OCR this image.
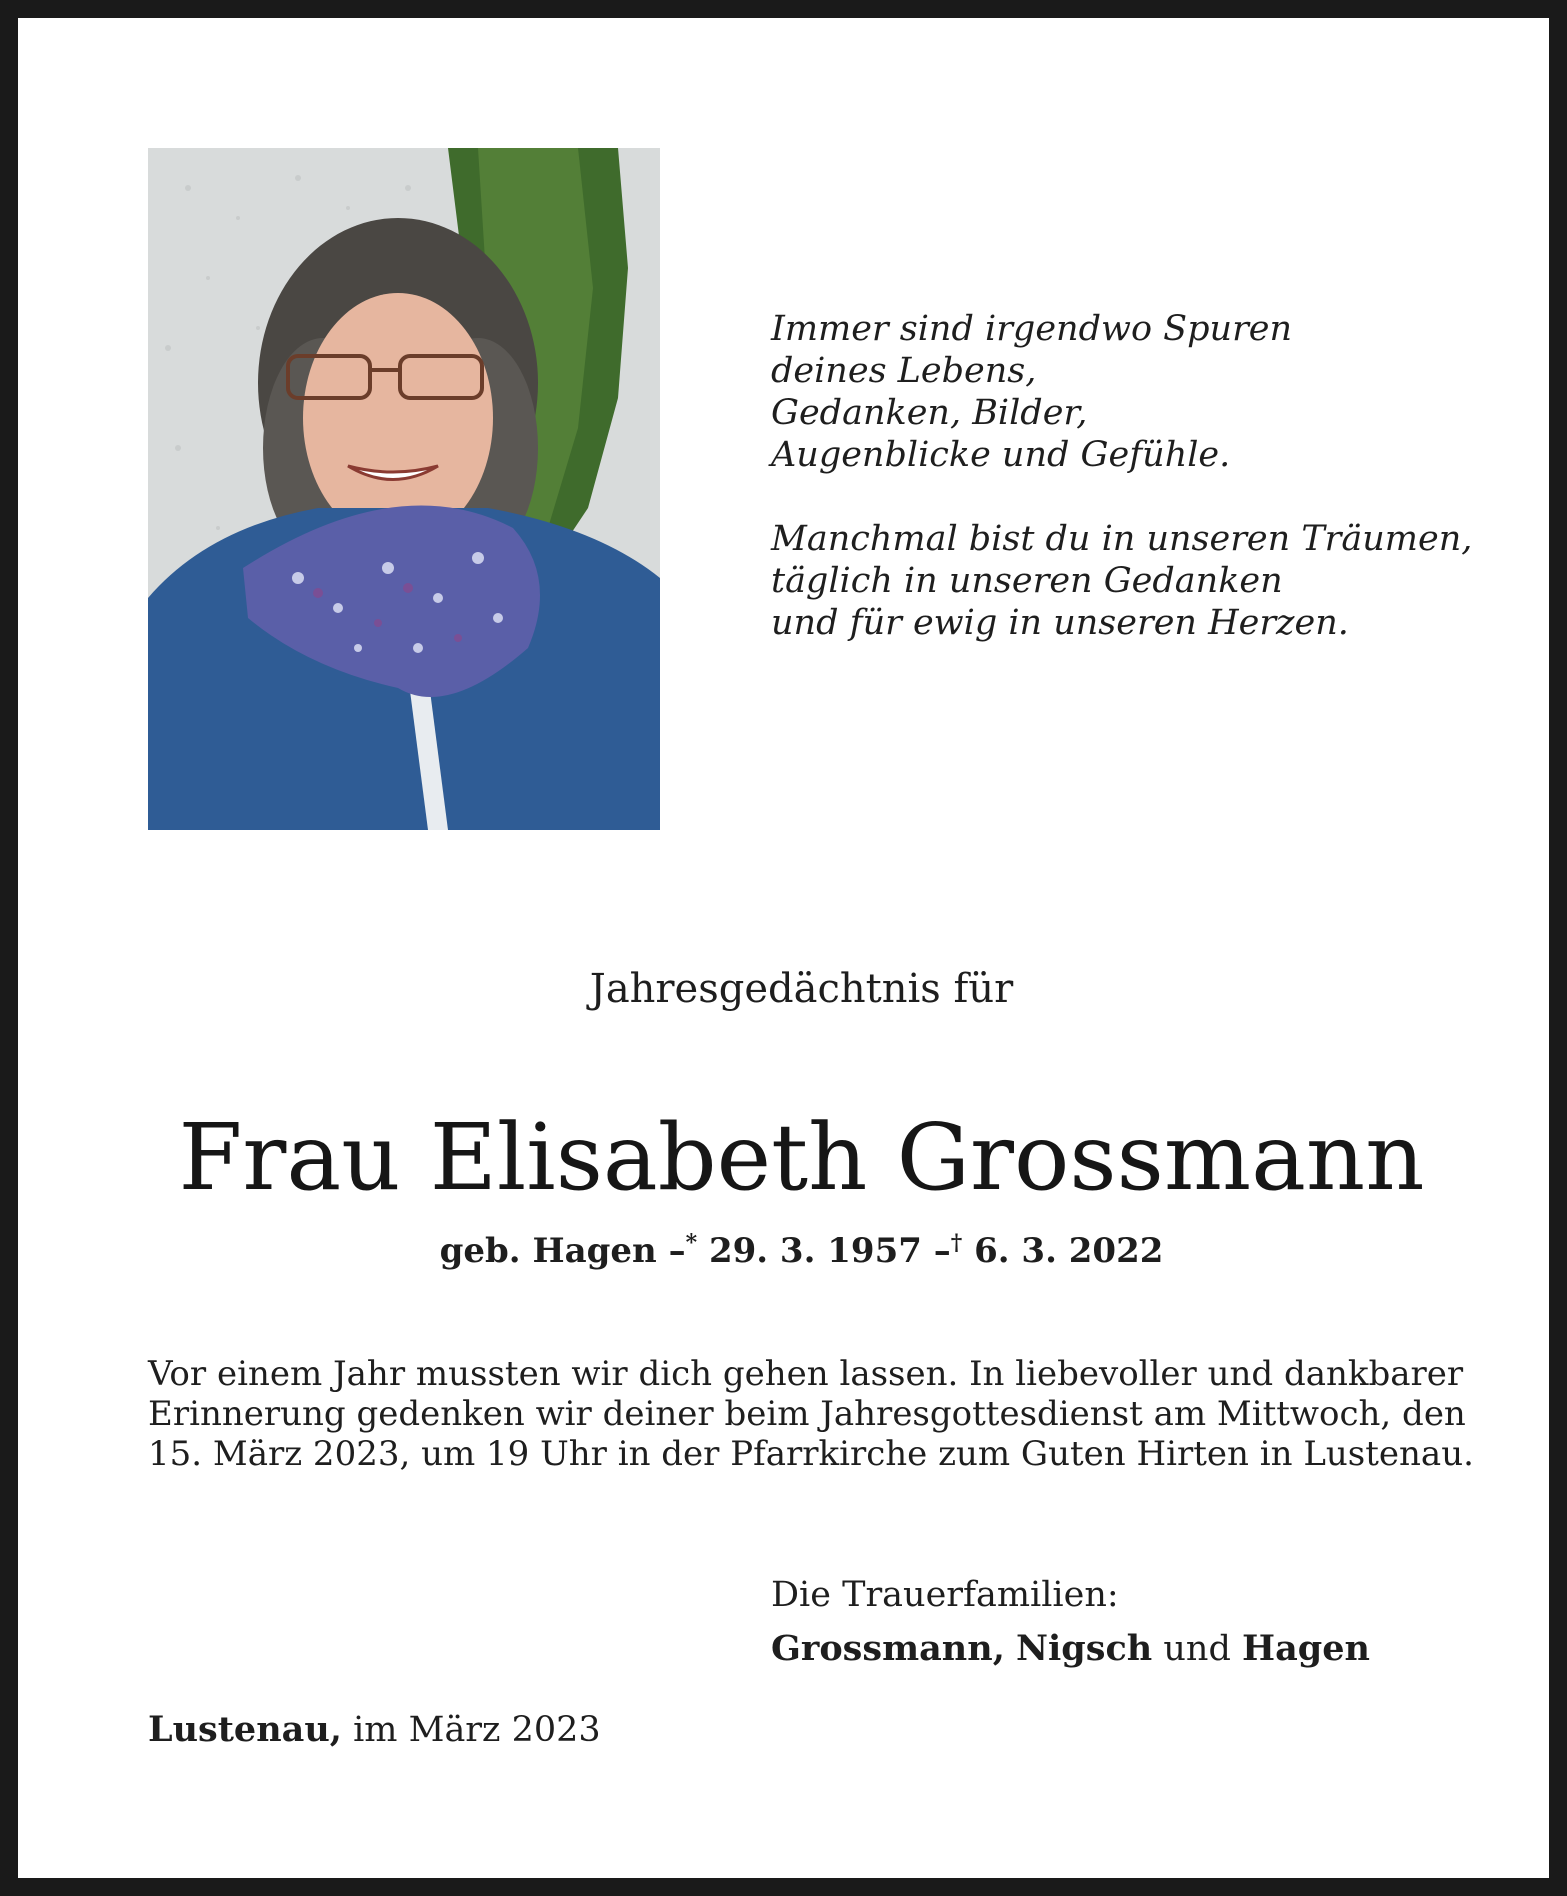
Immer sind irgendwo Spuren
deines Lebens,
Gedanken, Bilder,
Augenblicke und Gefühle.
Manchmal bist du in unseren Träumen,
täglich in unseren Gedanken
und für ewig in unseren Herzen.
Jahresgedächtnis für
Frau Elisabeth Grossmann
geb. Hagen –* 29. 3. 1957 –† 6. 3. 2022
Vor einem Jahr mussten wir dich gehen lassen. In liebevoller und dankbarer
Erinnerung gedenken wir deiner beim Jahresgottesdienst am Mittwoch, den
15. März 2023, um 19 Uhr in der Pfarrkirche zum Guten Hirten in Lustenau.
Die Trauerfamilien:
Grossmann, Nigsch und Hagen
Lustenau, im März 2023
